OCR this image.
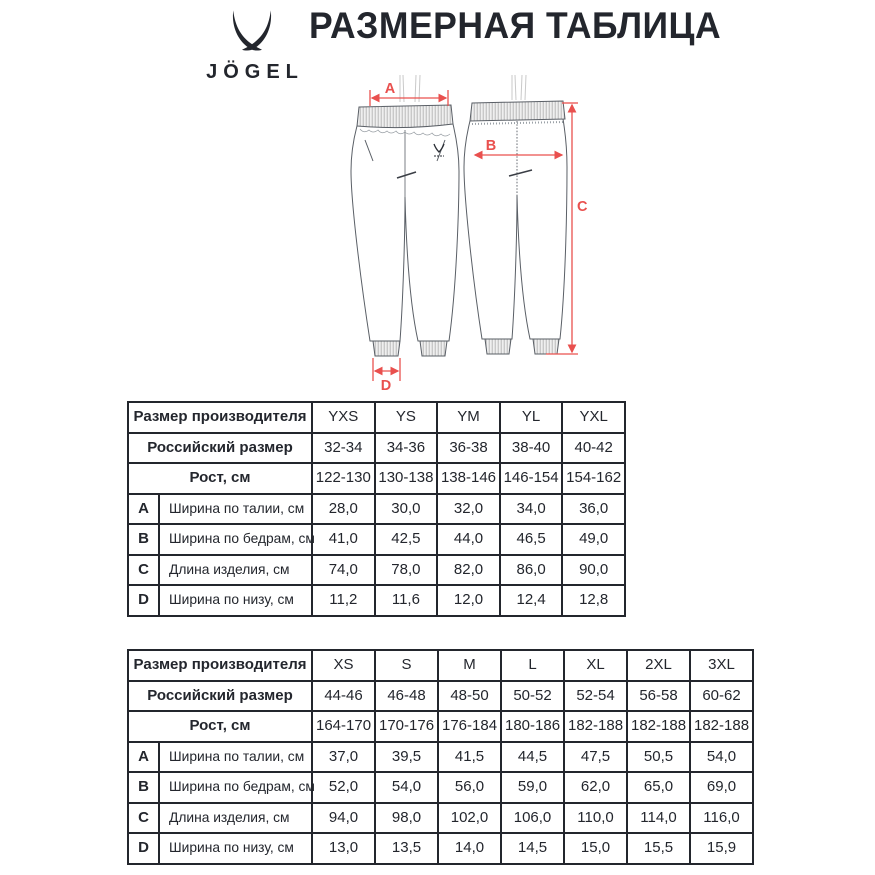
JÖGEL
РАЗМЕРНАЯ ТАБЛИЦА
A
B
C
D
Размер производителя		YXS	YS	YM	YL	YXL
Российский размер		32-34	34-36	36-38	38-40	40-42
Рост, см		122-130	130-138	138-146	146-154	154-162
A	Ширина по талии, см	28,0	30,0	32,0	34,0	36,0
B	Ширина по бедрам, см	41,0	42,5	44,0	46,5	49,0
C	Длина изделия, см	74,0	78,0	82,0	86,0	90,0
D	Ширина по низу, см	11,2	11,6	12,0	12,4	12,8
Размер производителя		XS	S	M	L	XL	2XL	3XL
Российский размер		44-46	46-48	48-50	50-52	52-54	56-58	60-62
Рост, см		164-170	170-176	176-184	180-186	182-188	182-188	182-188
A	Ширина по талии, см	37,0	39,5	41,5	44,5	47,5	50,5	54,0
B	Ширина по бедрам, см	52,0	54,0	56,0	59,0	62,0	65,0	69,0
C	Длина изделия, см	94,0	98,0	102,0	106,0	110,0	114,0	116,0
D	Ширина по низу, см	13,0	13,5	14,0	14,5	15,0	15,5	15,9
